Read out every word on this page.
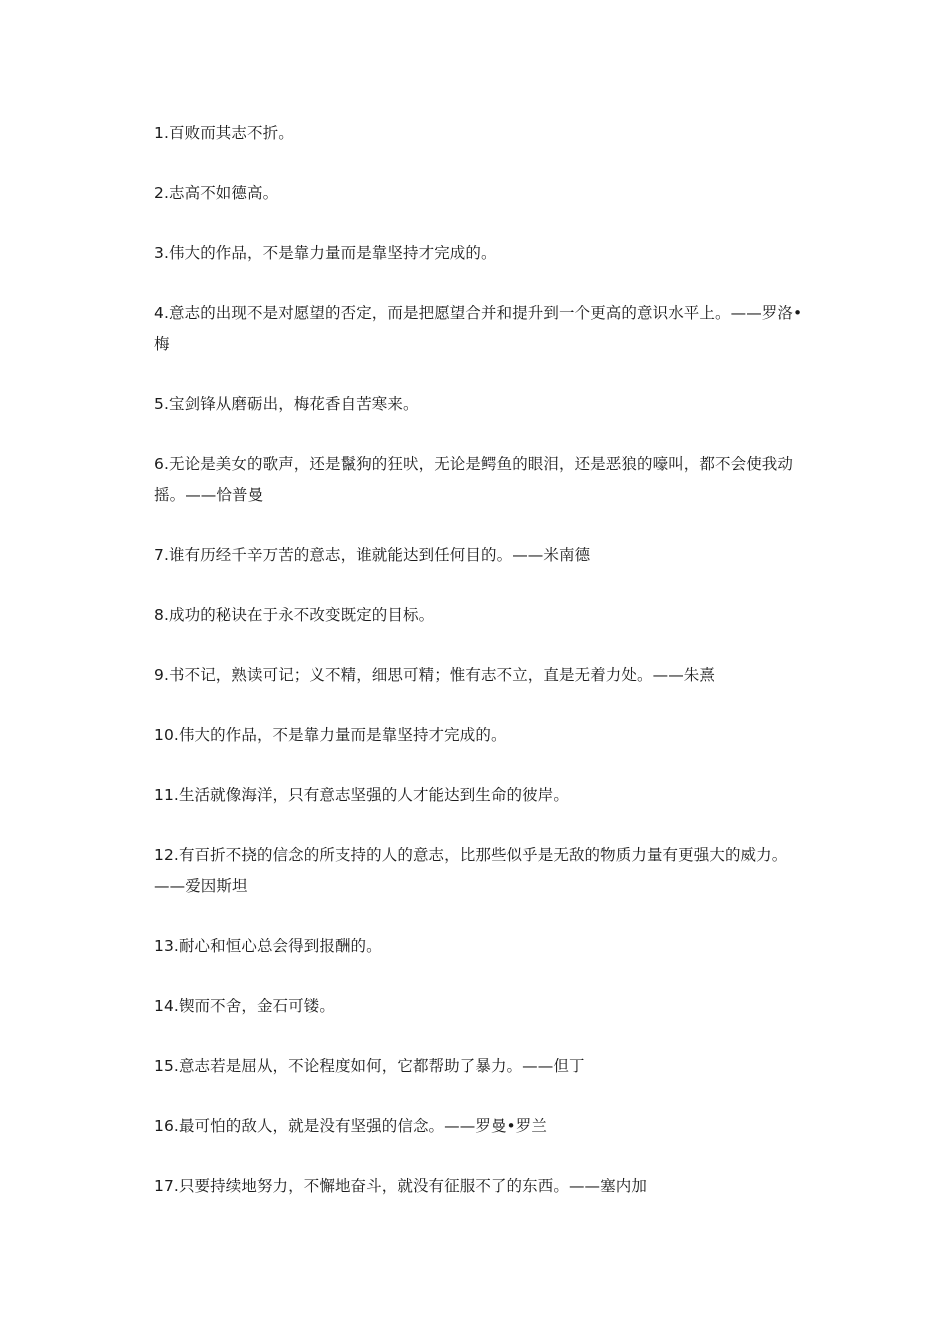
1.百败而其志不折。
2.志高不如德高。
3.伟大的作品，不是靠力量而是靠坚持才完成的。
4.意志的出现不是对愿望的否定，而是把愿望合并和提升到一个更高的意识水平上。——罗洛•梅
5.宝剑锋从磨砺出，梅花香自苦寒来。
6.无论是美女的歌声，还是鬣狗的狂吠，无论是鳄鱼的眼泪，还是恶狼的嚎叫，都不会使我动摇。——恰普曼
7.谁有历经千辛万苦的意志，谁就能达到任何目的。——米南德
8.成功的秘诀在于永不改变既定的目标。
9.书不记，熟读可记；义不精，细思可精；惟有志不立，直是无着力处。——朱熹
10.伟大的作品，不是靠力量而是靠坚持才完成的。
11.生活就像海洋，只有意志坚强的人才能达到生命的彼岸。
12.有百折不挠的信念的所支持的人的意志，比那些似乎是无敌的物质力量有更强大的威力。——爱因斯坦
13.耐心和恒心总会得到报酬的。
14.锲而不舍，金石可镂。
15.意志若是屈从，不论程度如何，它都帮助了暴力。——但丁
16.最可怕的敌人，就是没有坚强的信念。——罗曼•罗兰
17.只要持续地努力，不懈地奋斗，就没有征服不了的东西。——塞内加
